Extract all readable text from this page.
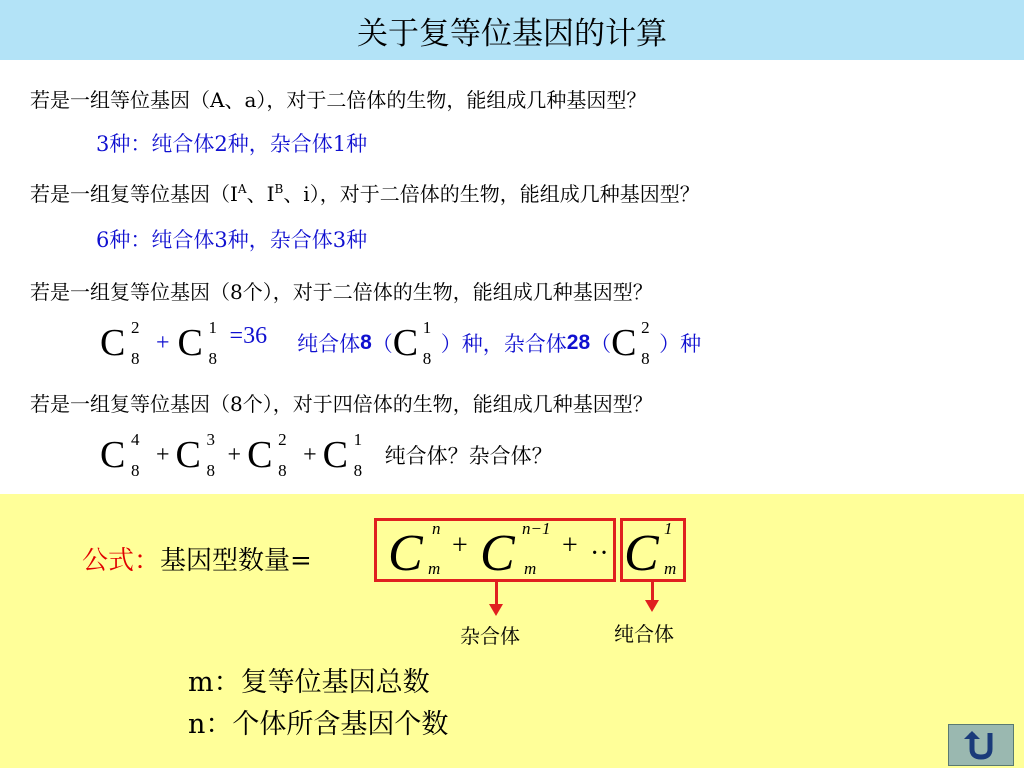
关于复等位基因的计算
若是一组等位基因（A、a），对于二倍体的生物，能组成几种基因型？
3种：纯合体2种，杂合体1种
若是一组复等位基因（$I^A$、$I^B$、i），对于二倍体的生物，能组成几种基因型？
6种：纯合体3种，杂合体3种
若是一组复等位基因（8个），对于二倍体的生物，能组成几种基因型？
C 2
8
+ C 1
8
=36 纯合体 8 （ C 1
8
）种，杂合体 28 （ C 2
8
）种
若是一组复等位基因（8个），对于四倍体的生物，能组成几种基因型？
C 4
8
+ C 3
8
+ C 2
8
+ C 1
8
纯合体？杂合体？
公式：基因型数量= C n
m
+ C n−1
m
+ ·· C 1
m
杂合体	纯合体
m：复等位基因总数
n：个体所含基因个数
